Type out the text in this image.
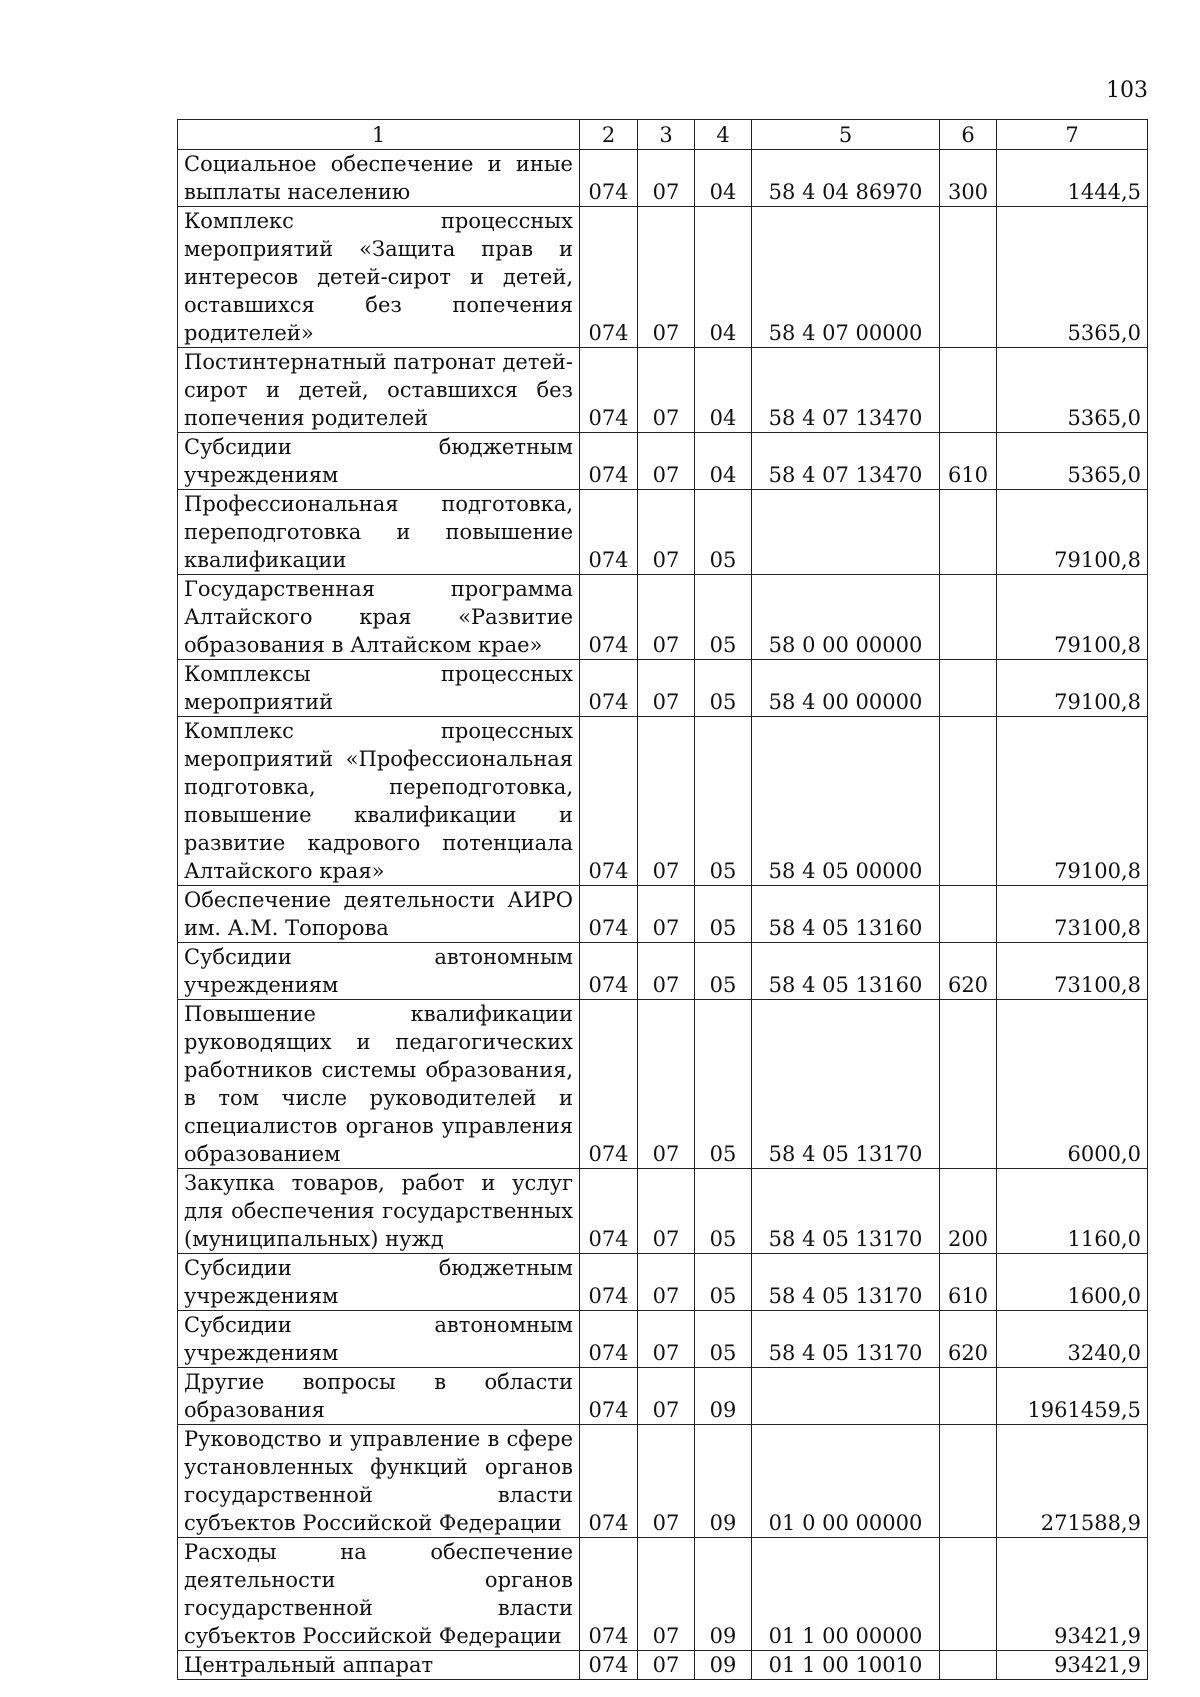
103
1	2	3	4	5	6	7
Социальное обеспечение и иные выплаты населению	074	07	04	58 4 04 86970	300	1444,5
Комплекс процессных мероприятий «Защита прав и интересов детей-сирот и детей, оставшихся без попечения родителей»	074	07	04	58 4 07 00000		5365,0
Постинтернатный патронат детей-сирот и детей, оставшихся без попечения родителей	074	07	04	58 4 07 13470		5365,0
Субсидии бюджетным учреждениям	074	07	04	58 4 07 13470	610	5365,0
Профессиональная подготовка, переподготовка и повышение квалификации	074	07	05			79100,8
Государственная программа Алтайского края «Развитие образования в Алтайском крае»	074	07	05	58 0 00 00000		79100,8
Комплексы процессных мероприятий	074	07	05	58 4 00 00000		79100,8
Комплекс процессных мероприятий «Профессиональная подготовка, переподготовка, повышение квалификации и развитие кадрового потенциала Алтайского края»	074	07	05	58 4 05 00000		79100,8
Обеспечение деятельности АИРО им. А.М. Топорова	074	07	05	58 4 05 13160		73100,8
Субсидии автономным учреждениям	074	07	05	58 4 05 13160	620	73100,8
Повышение квалификации руководящих и педагогических работников системы образования, в том числе руководителей и специалистов органов управления образованием	074	07	05	58 4 05 13170		6000,0
Закупка товаров, работ и услуг для обеспечения государственных (муниципальных) нужд	074	07	05	58 4 05 13170	200	1160,0
Субсидии бюджетным учреждениям	074	07	05	58 4 05 13170	610	1600,0
Субсидии автономным учреждениям	074	07	05	58 4 05 13170	620	3240,0
Другие вопросы в области образования	074	07	09			1961459,5
Руководство и управление в сфере установленных функций органов государственной власти субъектов Российской Федерации	074	07	09	01 0 00 00000		271588,9
Расходы на обеспечение деятельности органов государственной власти субъектов Российской Федерации	074	07	09	01 1 00 00000		93421,9
Центральный аппарат	074	07	09	01 1 00 10010		93421,9
